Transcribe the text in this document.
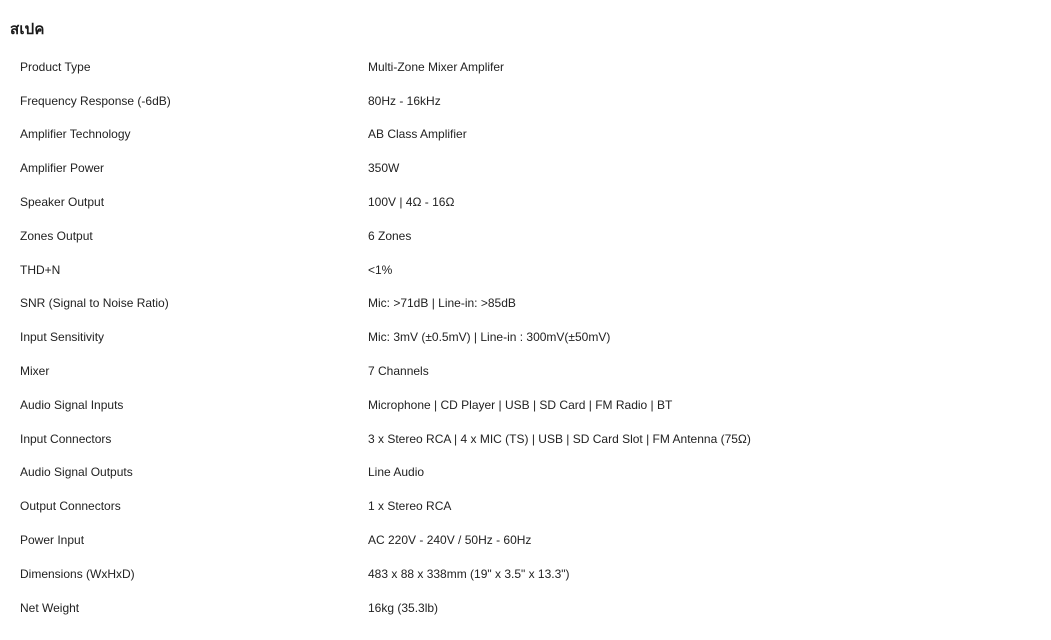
สเปค
Product Type	Multi-Zone Mixer Amplifer
Frequency Response (-6dB)	80Hz - 16kHz
Amplifier Technology	AB Class Amplifier
Amplifier Power	350W
Speaker Output	100V | 4Ω - 16Ω
Zones Output	6 Zones
THD+N	<1%
SNR (Signal to Noise Ratio)	Mic: >71dB | Line-in: >85dB
Input Sensitivity	Mic: 3mV (±0.5mV) | Line-in : 300mV(±50mV)
Mixer	7 Channels
Audio Signal Inputs	Microphone | CD Player | USB | SD Card | FM Radio | BT
Input Connectors	3 x Stereo RCA | 4 x MIC (TS) | USB | SD Card Slot | FM Antenna (75Ω)
Audio Signal Outputs	Line Audio
Output Connectors	1 x Stereo RCA
Power Input	AC 220V - 240V / 50Hz - 60Hz
Dimensions (WxHxD)	483 x 88 x 338mm (19" x 3.5" x 13.3")
Net Weight	16kg (35.3lb)
